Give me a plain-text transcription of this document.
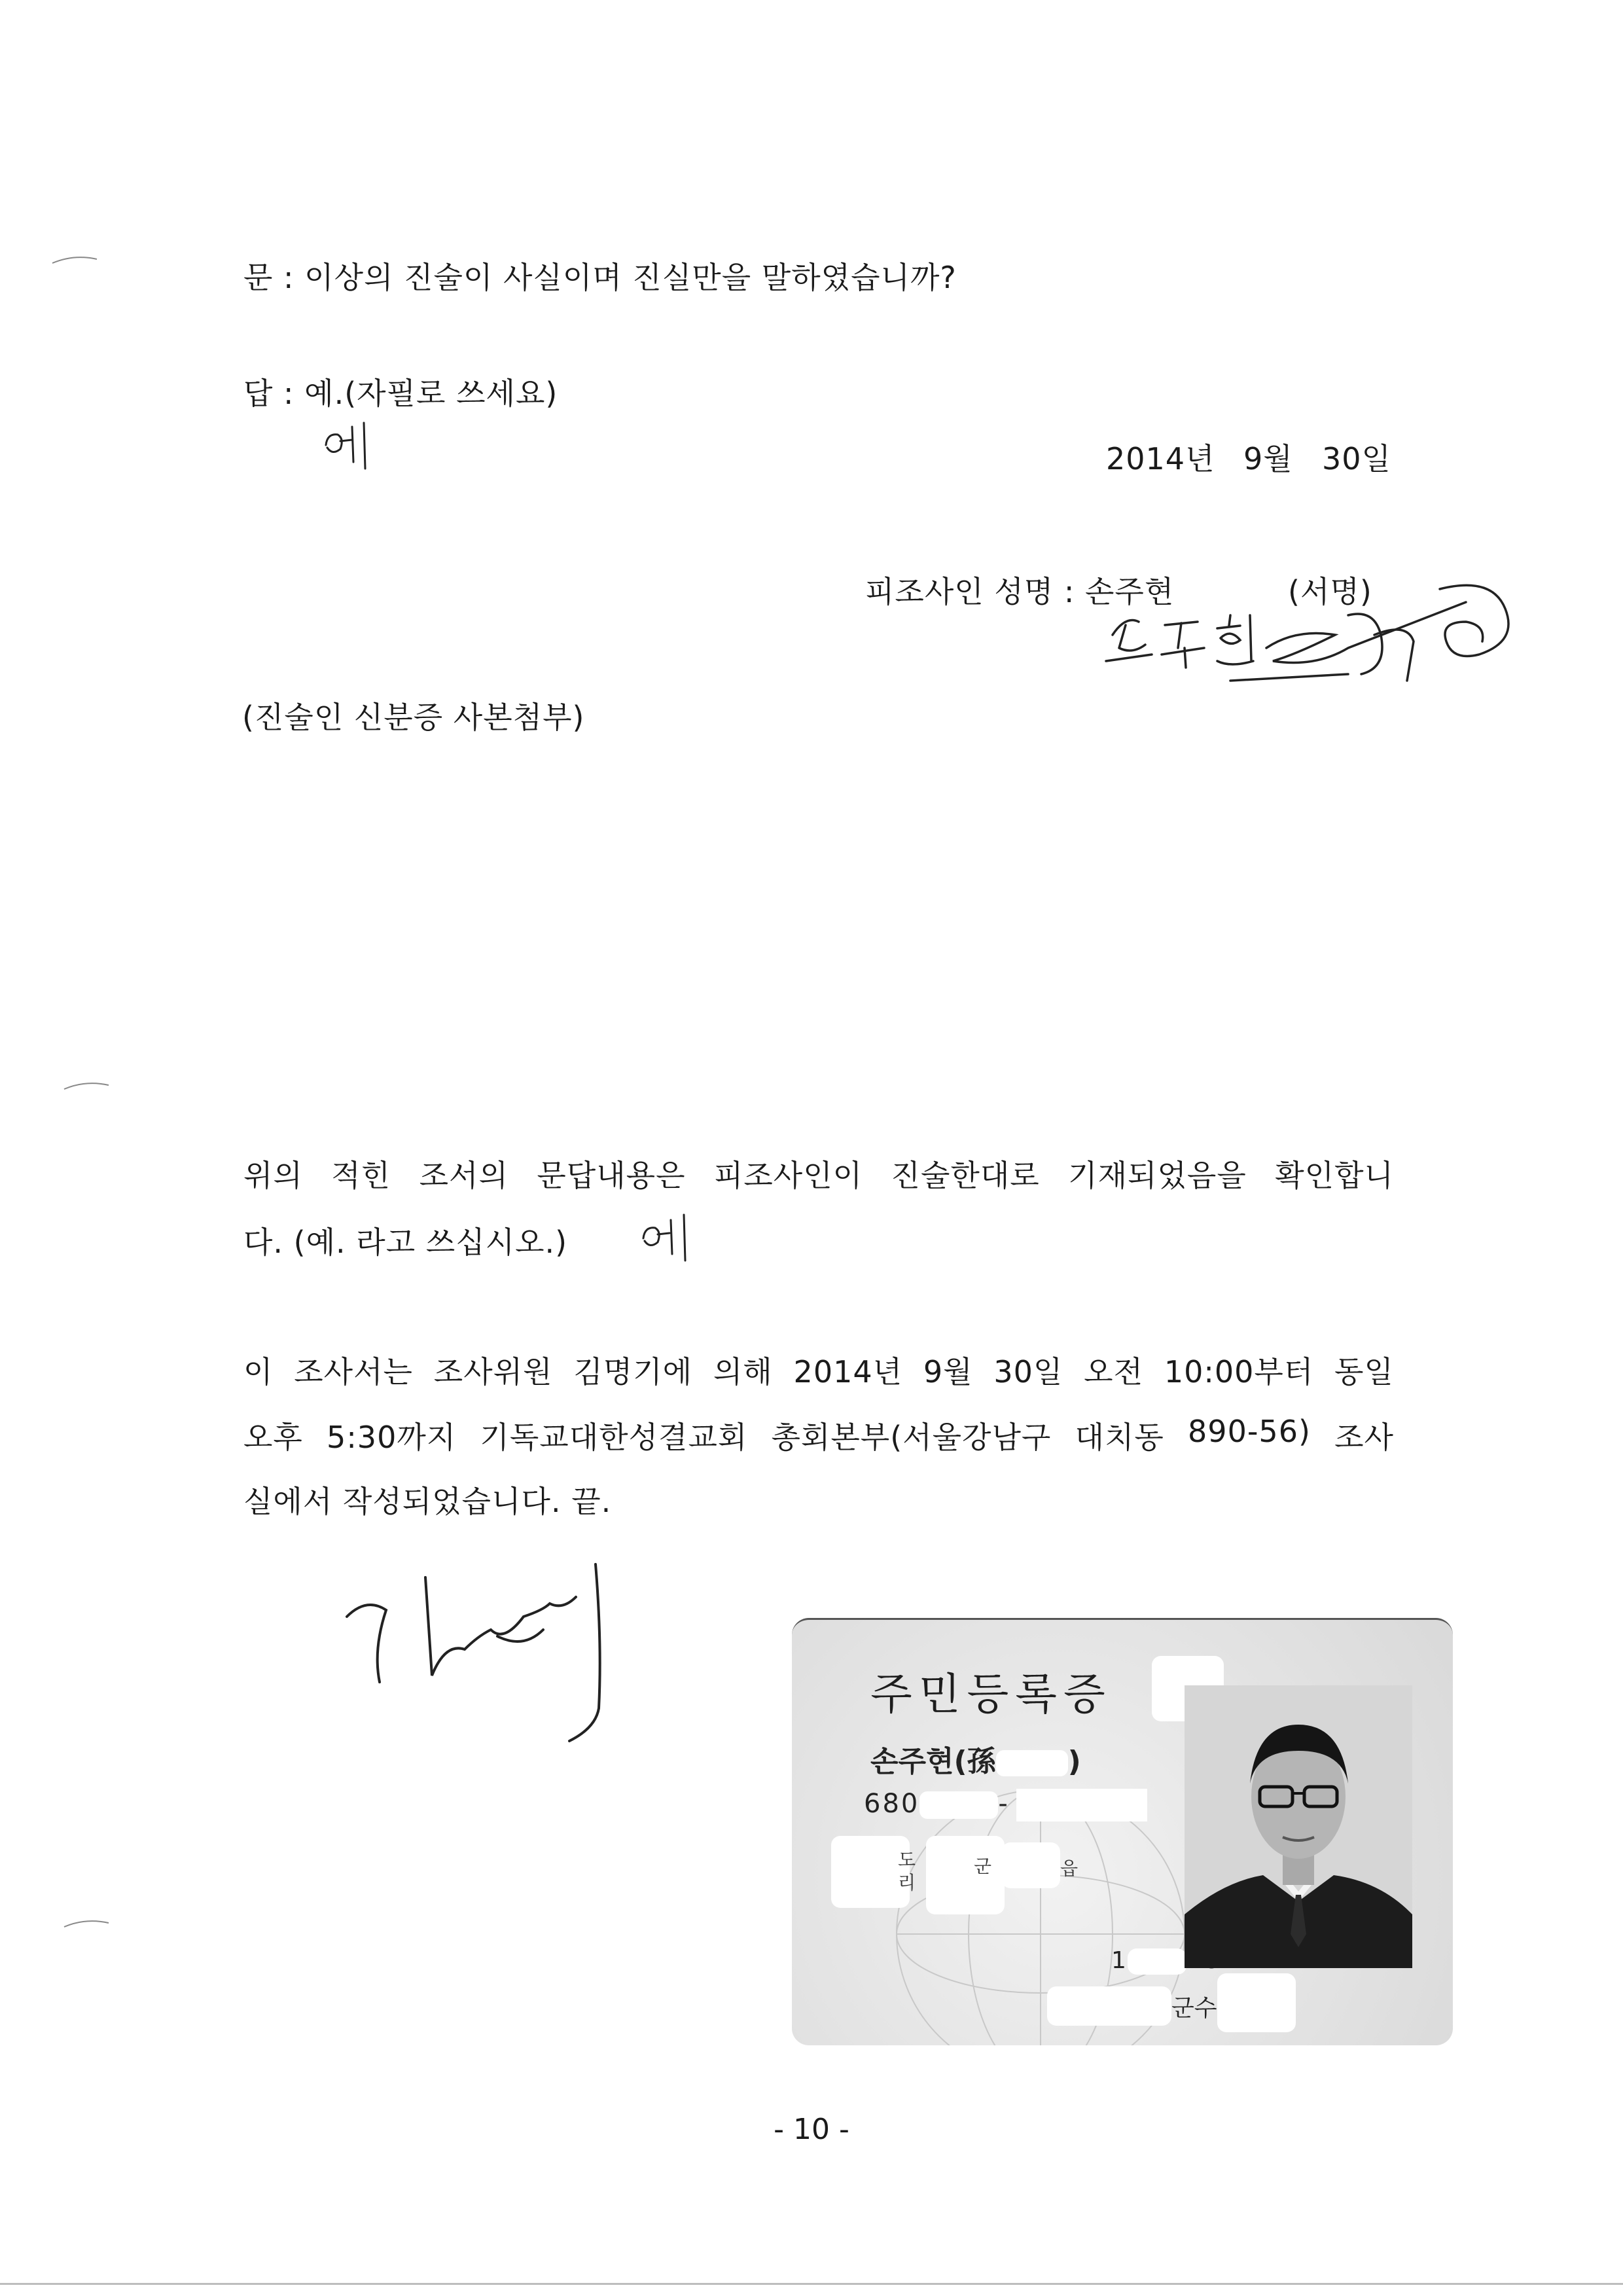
문 : 이상의 진술이 사실이며 진실만을 말하였습니까?
답 : 예.(자필로 쓰세요)
2014년 9월 30일
피조사인 성명 : 손주현	(서명)
(진술인 신분증 사본첨부)
위의 적힌 조서의 문답내용은 피조사인이 진술한대로 기재되었음을 확인합니
다. (예. 라고 쓰십시오.)
이 조사서는 조사위원 김명기에 의해 2014년 9월 30일 오전 10:00부터 동일
오후 5:30까지 기독교대한성결교회 총회본부(서울강남구 대치동 890-56) 조사
실에서 작성되었습니다. 끝.
주민등록증
손주현(孫	)
680	-
도
리
군	읍
1
군수
- 10 -
